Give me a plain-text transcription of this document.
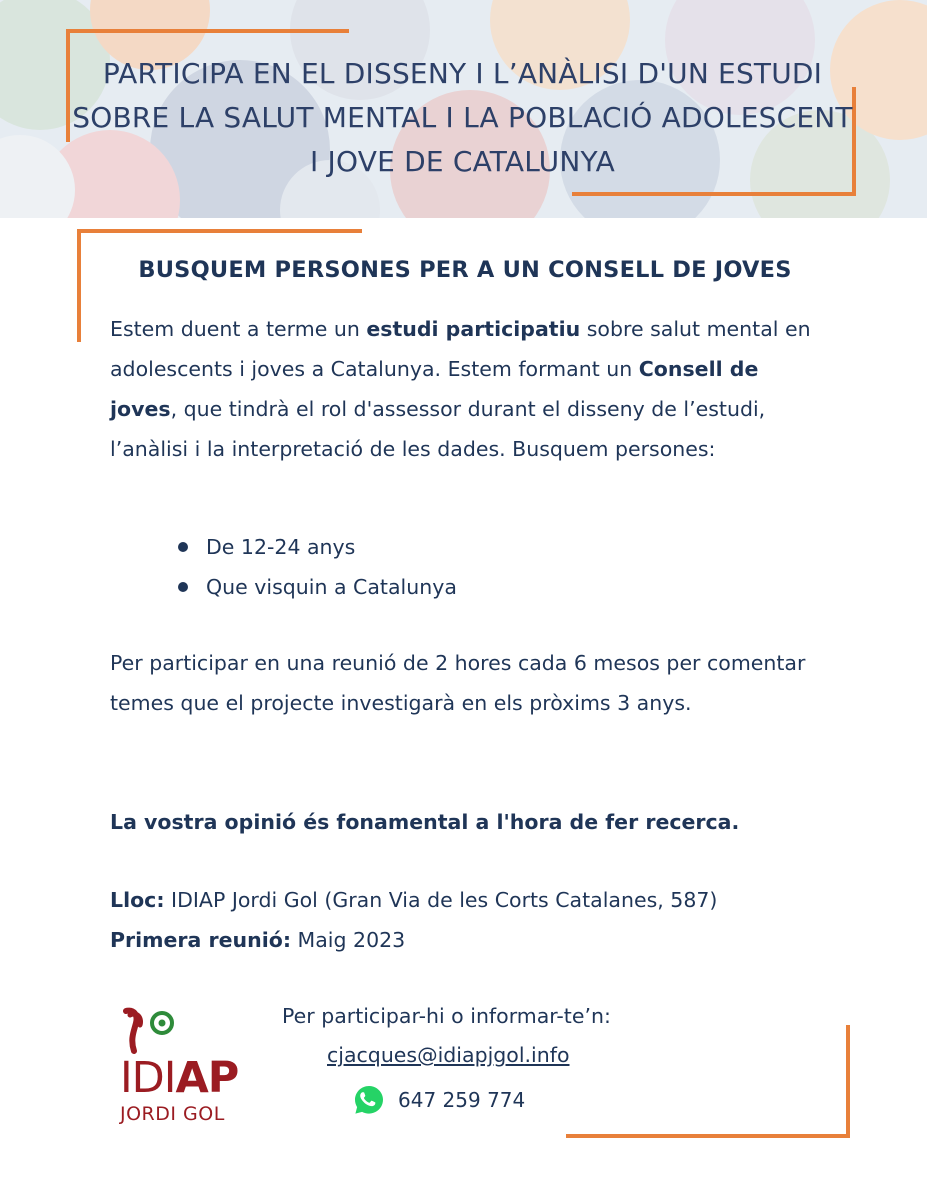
PARTICIPA EN EL DISSENY I L’ANÀLISI D'UN ESTUDI SOBRE LA SALUT MENTAL I LA POBLACIÓ ADOLESCENT I JOVE DE CATALUNYA
BUSQUEM PERSONES PER A UN CONSELL DE JOVES
Estem duent a terme un estudi participatiu sobre salut mental en adolescents i joves a Catalunya. Estem formant un Consell de joves, que tindrà el rol d'assessor durant el disseny de l’estudi, l’anàlisi i la interpretació de les dades. Busquem persones:
De 12-24 anys
Que visquin a Catalunya
Per participar en una reunió de 2 hores cada 6 mesos per comentar temes que el projecte investigarà en els pròxims 3 anys.
La vostra opinió és fonamental a l'hora de fer recerca.
Lloc: IDIAP Jordi Gol (Gran Via de les Corts Catalanes, 587)
Primera reunió: Maig 2023
IDIAP
JORDI GOL
Per participar-hi o informar-te’n:
cjacques@idiapjgol.info
647 259 774
